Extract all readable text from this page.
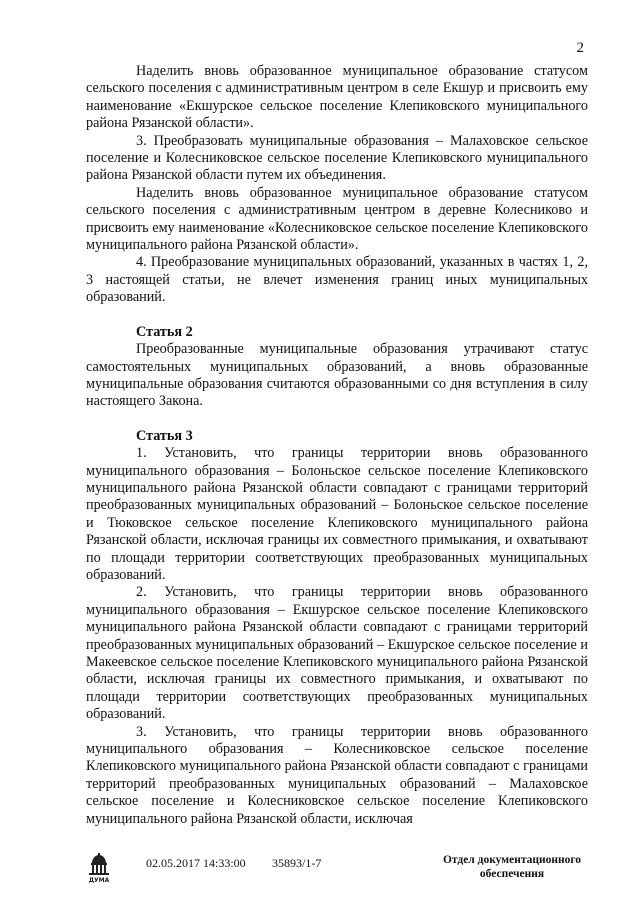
2

Наделить вновь образованное муниципальное образование статусом сельского поселения с административным центром в селе Екшур и присвоить ему наименование «Екшурское сельское поселение Клепиковского муниципального района Рязанской области».

3. Преобразовать муниципальные образования – Малаховское сельское поселение и Колесниковское сельское поселение Клепиковского муниципального района Рязанской области путем их объединения.

Наделить вновь образованное муниципальное образование статусом сельского поселения с административным центром в деревне Колесниково и присвоить ему наименование «Колесниковское сельское поселение Клепиковского муниципального района Рязанской области».

4. Преобразование муниципальных образований, указанных в частях 1, 2, 3 настоящей статьи, не влечет изменения границ иных муниципальных образований.

Статья 2

Преобразованные муниципальные образования утрачивают статус самостоятельных муниципальных образований, а вновь образованные муниципальные образования считаются образованными со дня вступления в силу настоящего Закона.

Статья 3

1. Установить, что границы территории вновь образованного муниципального образования – Болоньское сельское поселение Клепиковского муниципального района Рязанской области совпадают с границами территорий преобразованных муниципальных образований – Болоньское сельское поселение и Тюковское сельское поселение Клепиковского муниципального района Рязанской области, исключая границы их совместного примыкания, и охватывают по площади территории соответствующих преобразованных муниципальных образований.

2. Установить, что границы территории вновь образованного муниципального образования – Екшурское сельское поселение Клепиковского муниципального района Рязанской области совпадают с границами территорий преобразованных муниципальных образований – Екшурское сельское поселение и Макеевское сельское поселение Клепиковского муниципального района Рязанской области, исключая границы их совместного примыкания, и охватывают по площади территории соответствующих преобразованных муниципальных образований.

3. Установить, что границы территории вновь образованного муниципального образования – Колесниковское сельское поселение Клепиковского муниципального района Рязанской области совпадают с границами территорий преобразованных муниципальных образований – Малаховское сельское поселение и Колесниковское сельское поселение Клепиковского муниципального района Рязанской области, исключая

ДУМА
02.05.2017 14:33:00 35893/1-7	Отдел документационного
обеспечения
